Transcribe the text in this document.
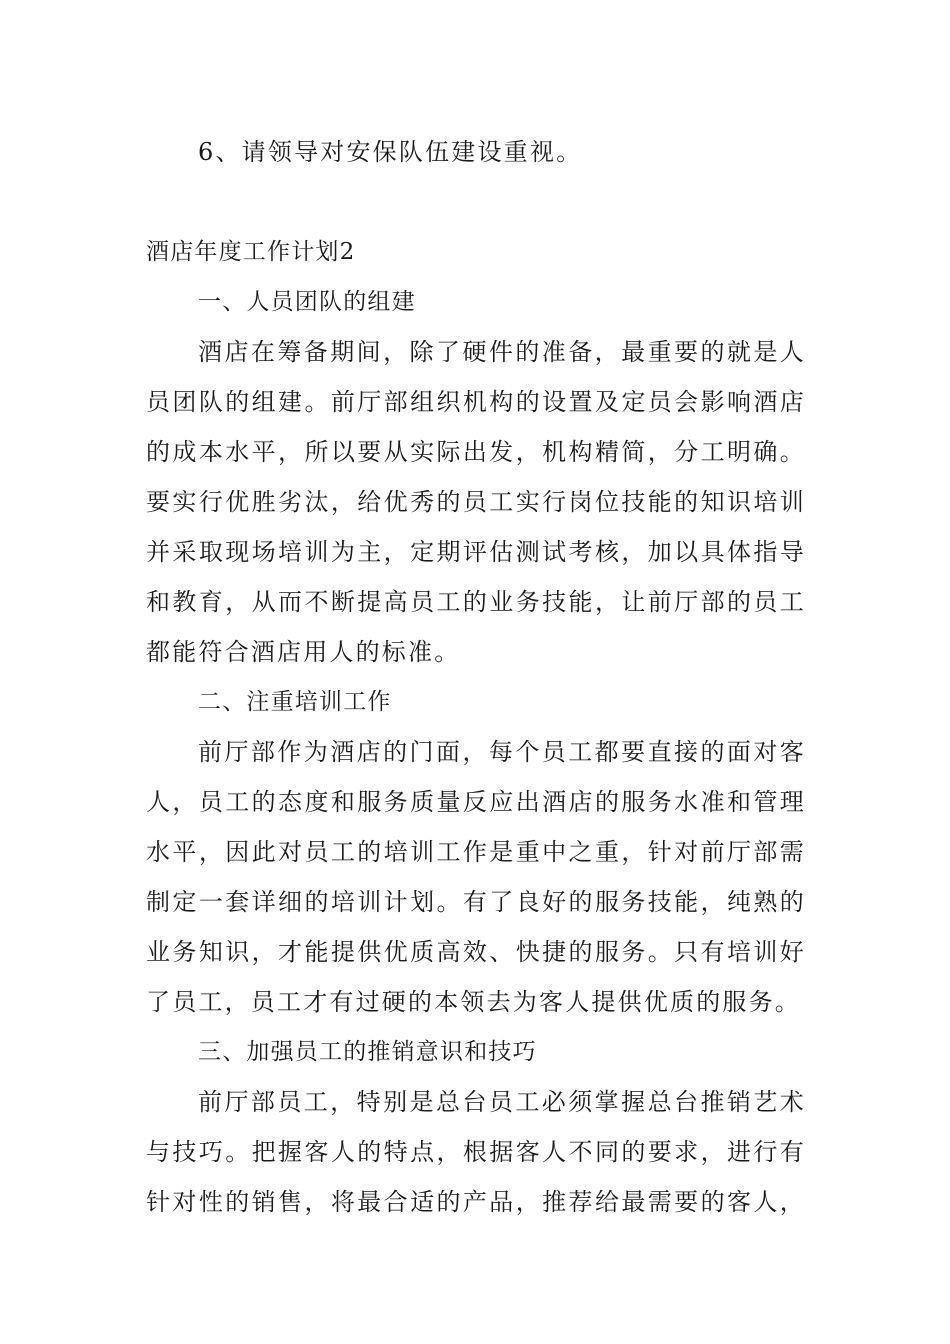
6、请领导对安保队伍建设重视。
酒店年度工作计划2
一、人员团队的组建
酒店在筹备期间，除了硬件的准备，最重要的就是人
员团队的组建。前厅部组织机构的设置及定员会影响酒店
的成本水平，所以要从实际出发，机构精简，分工明确。
要实行优胜劣汰，给优秀的员工实行岗位技能的知识培训
并采取现场培训为主，定期评估测试考核，加以具体指导
和教育，从而不断提高员工的业务技能，让前厅部的员工
都能符合酒店用人的标准。
二、注重培训工作
前厅部作为酒店的门面，每个员工都要直接的面对客
人，员工的态度和服务质量反应出酒店的服务水准和管理
水平，因此对员工的培训工作是重中之重，针对前厅部需
制定一套详细的培训计划。有了良好的服务技能，纯熟的
业务知识，才能提供优质高效、快捷的服务。只有培训好
了员工，员工才有过硬的本领去为客人提供优质的服务。
三、加强员工的推销意识和技巧
前厅部员工，特别是总台员工必须掌握总台推销艺术
与技巧。把握客人的特点，根据客人不同的要求，进行有
针对性的销售，将最合适的产品，推荐给最需要的客人，
